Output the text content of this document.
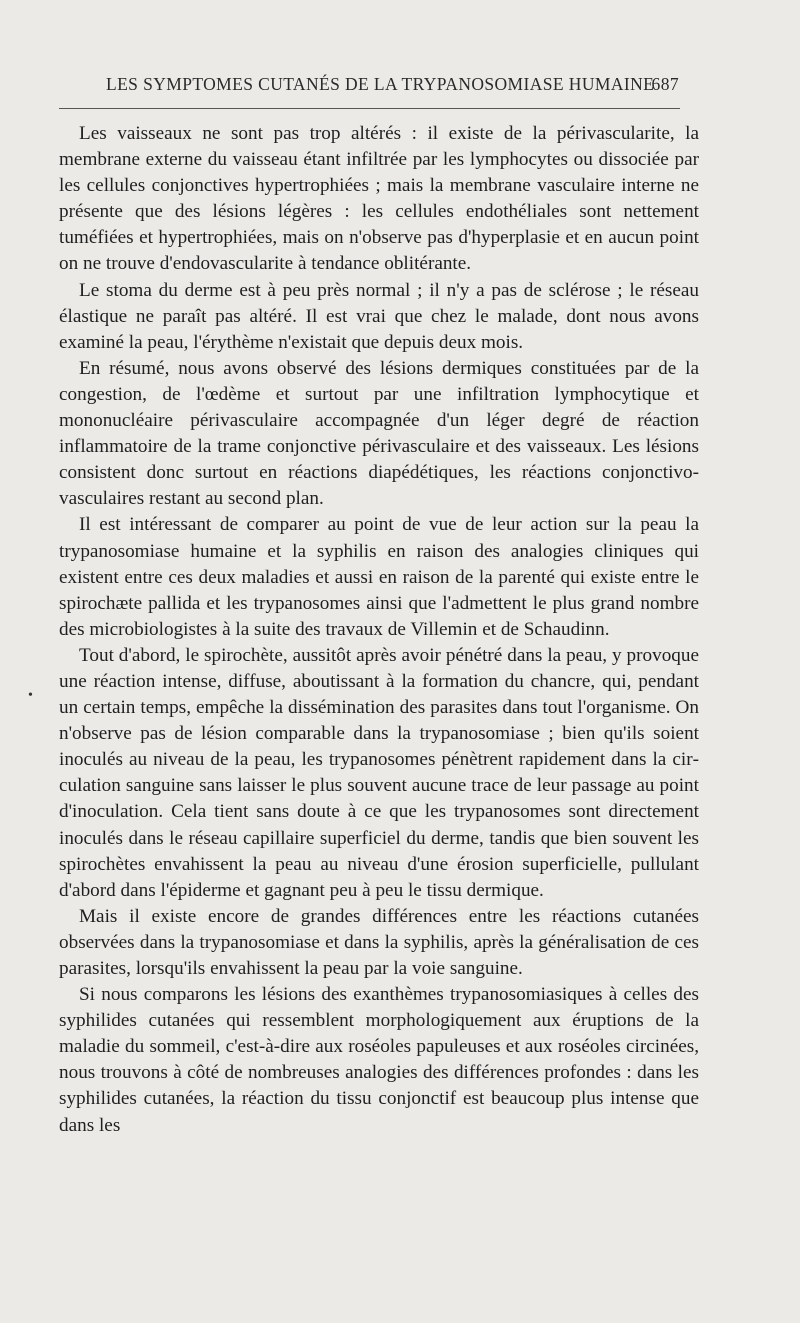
LES SYMPTOMES CUTANÉS DE LA TRYPANOSOMIASE HUMAINE
687
•

Les vaisseaux ne sont pas trop altérés : il existe de la périvascularite, la membrane externe du vaisseau étant infiltrée par les lymphocytes ou dissociée par les cellules conjonctives hypertrophiées ; mais la membrane vasculaire interne ne présente que des lésions légères : les cellules endothéliales sont nettement tuméfiées et hypertrophiées, mais on n'observe pas d'hyperplasie et en aucun point on ne trouve d'endovascularite à tendance oblitérante.

Le stoma du derme est à peu près normal ; il n'y a pas de sclérose ; le réseau élastique ne paraît pas altéré. Il est vrai que chez le malade, dont nous avons examiné la peau, l'érythème n'existait que depuis deux mois.

En résumé, nous avons observé des lésions dermiques constituées par de la congestion, de l'œdème et surtout par une infiltration lymphocytique et mononucléaire périvasculaire accompagnée d'un léger degré de réaction inflammatoire de la trame conjonctive périvasculaire et des vaisseaux. Les lésions consistent donc surtout en réactions diapédétiques, les réactions conjonctivo-vasculaires restant au second plan.

Il est intéressant de comparer au point de vue de leur action sur la peau la trypanosomiase humaine et la syphilis en raison des analogies cliniques qui existent entre ces deux maladies et aussi en raison de la parenté qui existe entre le spirochæte pallida et les trypanosomes ainsi que l'admettent le plus grand nombre des microbiologistes à la suite des travaux de Villemin et de Schaudinn.

Tout d'abord, le spirochète, aussitôt après avoir pénétré dans la peau, y provoque une réaction intense, diffuse, aboutissant à la formation du chancre, qui, pendant un certain temps, empêche la dissémination des parasites dans tout l'organisme. On n'observe pas de lésion comparable dans la trypanosomiase ; bien qu'ils soient inoculés au niveau de la peau, les trypanosomes pénètrent rapidement dans la circulation sanguine sans laisser le plus souvent aucune trace de leur passage au point d'inoculation. Cela tient sans doute à ce que les trypanosomes sont directement inoculés dans le réseau capillaire superficiel du derme, tandis que bien souvent les spirochètes envahissent la peau au niveau d'une érosion superficielle, pullulant d'abord dans l'épiderme et gagnant peu à peu le tissu dermique.

Mais il existe encore de grandes différences entre les réactions cutanées observées dans la trypanosomiase et dans la syphilis, après la généralisation de ces parasites, lorsqu'ils envahissent la peau par la voie sanguine.

Si nous comparons les lésions des exanthèmes trypanosomiasiques à celles des syphilides cutanées qui ressemblent morphologiquement aux éruptions de la maladie du sommeil, c'est-à-dire aux roséoles papuleuses et aux roséoles circinées, nous trouvons à côté de nombreuses analogies des différences profondes : dans les syphilides cutanées, la réaction du tissu conjonctif est beaucoup plus intense que dans les
